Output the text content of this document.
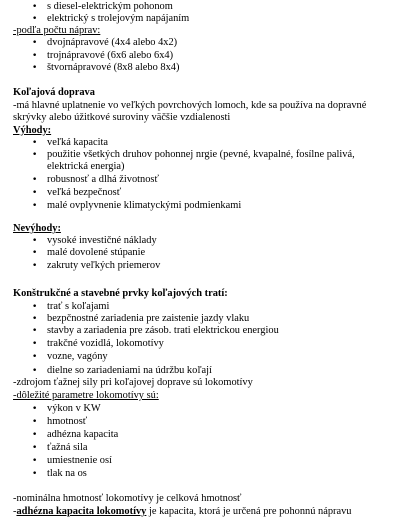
s diesel-elektrickým pohonom
elektrický s trolejovým napájaním
-podľa počtu náprav:
dvojnápravové (4x4 alebo 4x2)
trojnápravové (6x6 alebo 6x4)
štvornápravové (8x8 alebo 8x4)
Koľajová doprava
-má hlavné uplatnenie vo veľkých povrchových lomoch, kde sa používa na dopravné
skrývky alebo úžitkové suroviny väčšie vzdialenosti
Výhody:
veľká kapacita
použitie všetkých druhov pohonnej nrgie (pevné, kvapalné, fosílne palivá,
elektrická energia)
robusnosť a dlhá životnosť
veľká bezpečnosť
malé ovplyvnenie klimatyckými podmienkami
Nevýhody:
vysoké investičné náklady
malé dovolené stúpanie
zakruty veľkých priemerov
Konštrukčné a stavebné prvky koľajových tratí:
trať s koľajami
bezpčnostné zariadenia pre zaistenie jazdy vlaku
stavby a zariadenia pre zásob. trati elektrickou energiou
trakčné vozidlá, lokomotívy
vozne, vagóny
dielne so zariadeniami na údržbu koľají
-zdrojom ťažnej sily pri koľajovej doprave sú lokomotívy
-dôležité parametre lokomotívy sú:
výkon v KW
hmotnosť
adhézna kapacita
ťažná sila
umiestnenie osí
tlak na os
-nominálna hmotnosť lokomotívy je celková hmotnosť
-adhézna kapacita lokomotívy je kapacita, ktorá je určená pre pohonnú nápravu
